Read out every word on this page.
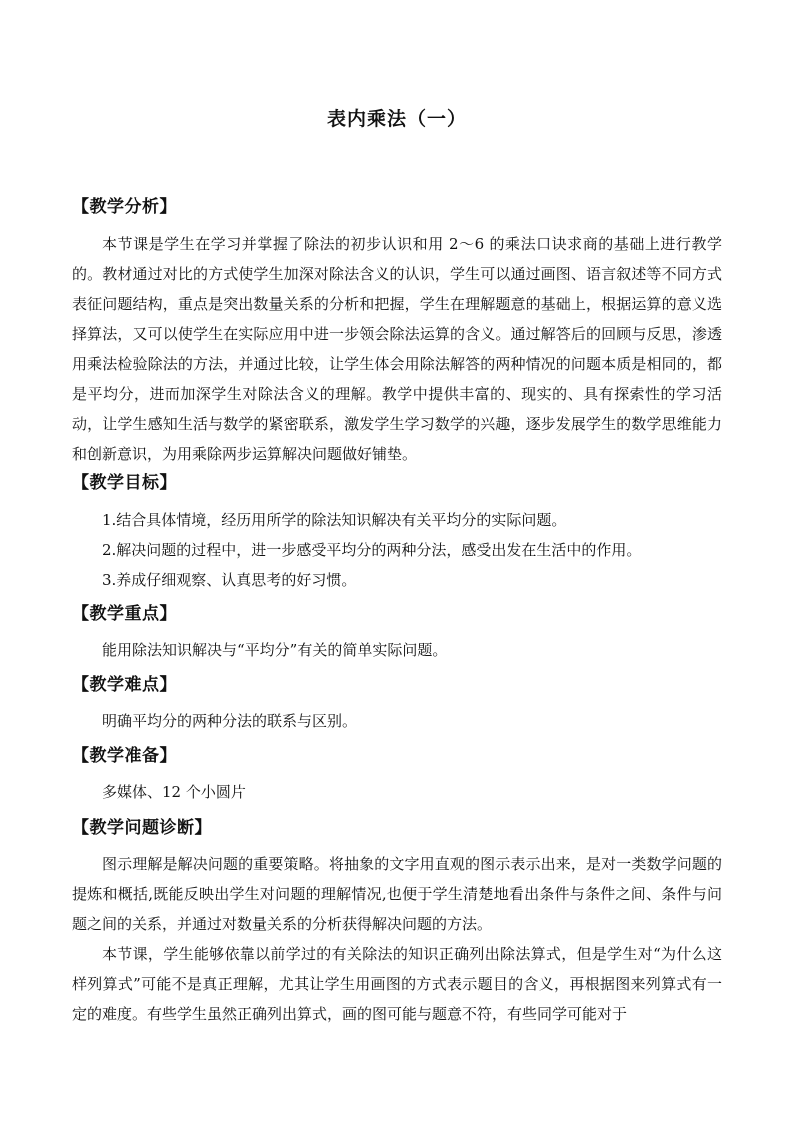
表内乘法（一）
【教学分析】

本节课是学生在学习并掌握了除法的初步认识和用 2～6 的乘法口诀求商的基础上进行教学的。教材通过对比的方式使学生加深对除法含义的认识，学生可以通过画图、语言叙述等不同方式表征问题结构，重点是突出数量关系的分析和把握，学生在理解题意的基础上，根据运算的意义选择算法，又可以使学生在实际应用中进一步领会除法运算的含义。通过解答后的回顾与反思，渗透用乘法检验除法的方法，并通过比较，让学生体会用除法解答的两种情况的问题本质是相同的，都是平均分，进而加深学生对除法含义的理解。教学中提供丰富的、现实的、具有探索性的学习活动，让学生感知生活与数学的紧密联系，激发学生学习数学的兴趣，逐步发展学生的数学思维能力和创新意识，为用乘除两步运算解决问题做好铺垫。

【教学目标】

1.结合具体情境，经历用所学的除法知识解决有关平均分的实际问题。

2.解决问题的过程中，进一步感受平均分的两种分法，感受出发在生活中的作用。

3.养成仔细观察、认真思考的好习惯。

【教学重点】

能用除法知识解决与“平均分”有关的简单实际问题。

【教学难点】

明确平均分的两种分法的联系与区别。

【教学准备】

多媒体、12 个小圆片

【教学问题诊断】

图示理解是解决问题的重要策略。将抽象的文字用直观的图示表示出来，是对一类数学问题的提炼和概括,既能反映出学生对问题的理解情况,也便于学生清楚地看出条件与条件之间、条件与问题之间的关系，并通过对数量关系的分析获得解决问题的方法。

本节课，学生能够依靠以前学过的有关除法的知识正确列出除法算式，但是学生对“为什么这样列算式”可能不是真正理解，尤其让学生用画图的方式表示题目的含义，再根据图来列算式有一定的难度。有些学生虽然正确列出算式，画的图可能与题意不符，有些同学可能对于
